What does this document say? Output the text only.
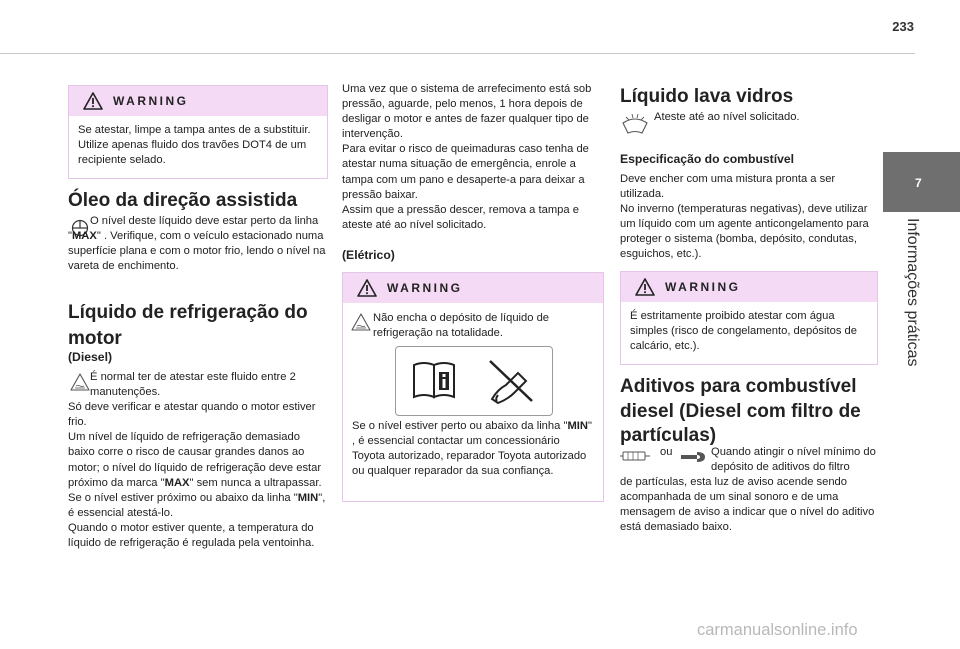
233
7
Informações práticas
WARNING
Se atestar, limpe a tampa antes de a substituir. Utilize apenas fluido dos travões DOT4 de um recipiente selado.
Óleo da direção assistida

O nível deste líquido deve estar perto da linha "MAX" . Verifique, com o veículo estacionado numa superfície plana e com o motor frio, lendo o nível na vareta de enchimento.

Líquido de refrigeração do motor
(Diesel)

É normal ter de atestar este fluido entre 2 manutenções.

Só deve verificar e atestar quando o motor estiver frio.

Um nível de líquido de refrigeração demasiado baixo corre o risco de causar grandes danos ao motor; o nível do líquido de refrigeração deve estar próximo da marca "MAX" sem nunca a ultrapassar.

Se o nível estiver próximo ou abaixo da linha "MIN", é essencial atestá-lo.

Quando o motor estiver quente, a temperatura do líquido de refrigeração é regulada pela ventoinha.

Uma vez que o sistema de arrefecimento está sob pressão, aguarde, pelo menos, 1 hora depois de desligar o motor e antes de fazer qualquer tipo de intervenção.

Para evitar o risco de queimaduras caso tenha de atestar numa situação de emergência, enrole a tampa com um pano e desaperte-a para deixar a pressão baixar.

Assim que a pressão descer, remova a tampa e ateste até ao nível solicitado.

(Elétrico)
WARNING
Não encha o depósito de líquido de refrigeração na totalidade.
Se o nível estiver perto ou abaixo da linha "MIN" , é essencial contactar um concessionário Toyota autorizado, reparador Toyota autorizado ou qualquer reparador da sua confiança.
Líquido lava vidros
Ateste até ao nível solicitado.
Especificação do combustível

Deve encher com uma mistura pronta a ser utilizada.

No inverno (temperaturas negativas), deve utilizar um líquido com um agente anticongelamento para proteger o sistema (bomba, depósito, condutas, esguichos, etc.).

WARNING
É estritamente proibido atestar com água simples (risco de congelamento, depósitos de calcário, etc.).
Aditivos para combustível diesel (Diesel com filtro de partículas)
ou	Quando atingir o nível mínimo do depósito de aditivos do filtro
de partículas, esta luz de aviso acende sendo acompanhada de um sinal sonoro e de uma mensagem de aviso a indicar que o nível do aditivo está demasiado baixo.
carmanualsonline.info
